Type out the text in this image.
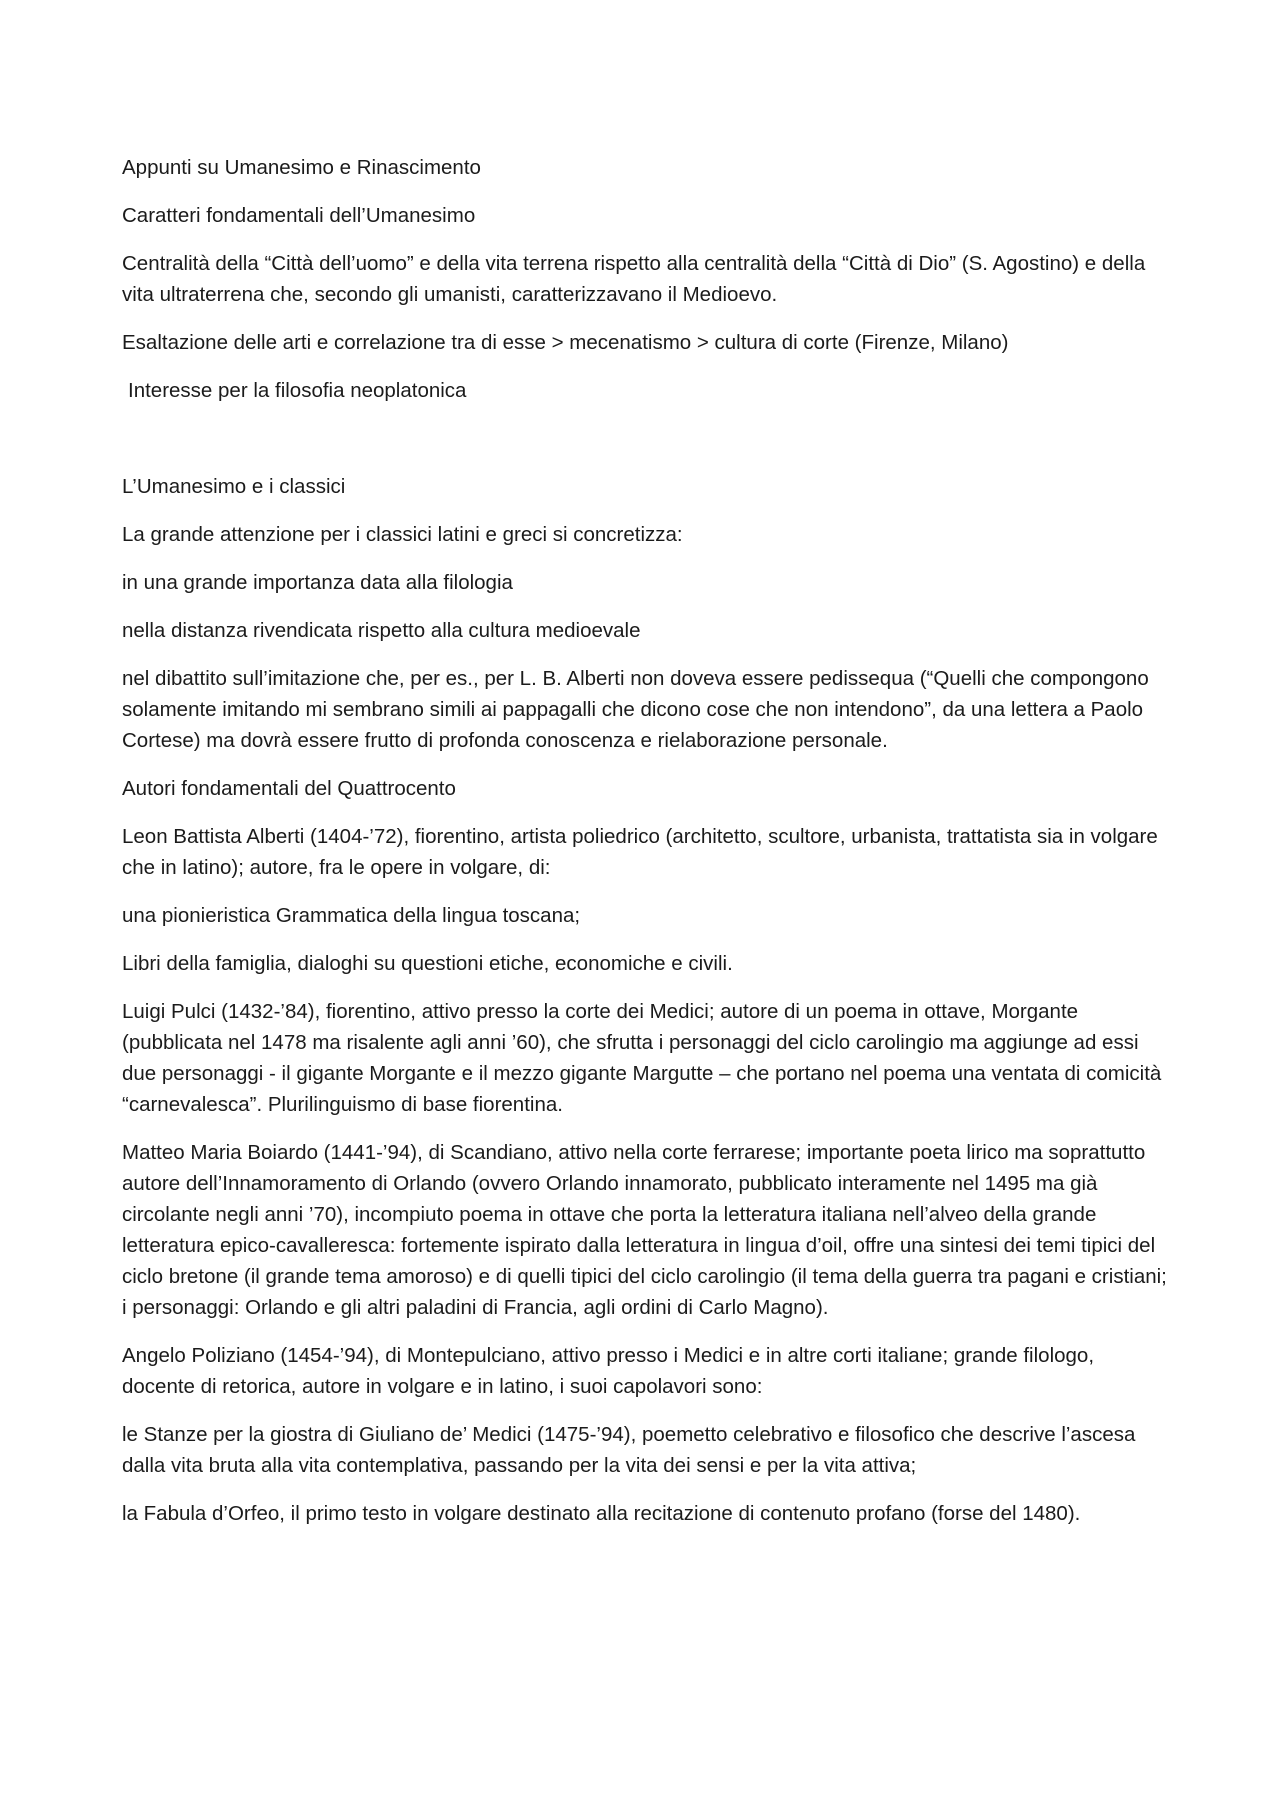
Appunti su Umanesimo e Rinascimento

Caratteri fondamentali dell’Umanesimo

Centralità della “Città dell’uomo” e della vita terrena rispetto alla centralità della “Città di Dio” (S. Agostino) e della vita ultraterrena che, secondo gli umanisti, caratterizzavano il Medioevo.

Esaltazione delle arti e correlazione tra di esse > mecenatismo > cultura di corte (Firenze, Milano)

Interesse per la filosofia neoplatonica

L’Umanesimo e i classici

La grande attenzione per i classici latini e greci si concretizza:

in una grande importanza data alla filologia

nella distanza rivendicata rispetto alla cultura medioevale

nel dibattito sull’imitazione che, per es., per L. B. Alberti non doveva essere pedissequa (“Quelli che compongono solamente imitando mi sembrano simili ai pappagalli che dicono cose che non intendono”, da una lettera a Paolo Cortese) ma dovrà essere frutto di profonda conoscenza e rielaborazione personale.

Autori fondamentali del Quattrocento

Leon Battista Alberti (1404-’72), fiorentino, artista poliedrico (architetto, scultore, urbanista, trattatista sia in volgare che in latino); autore, fra le opere in volgare, di:

una pionieristica Grammatica della lingua toscana;

Libri della famiglia, dialoghi su questioni etiche, economiche e civili.

Luigi Pulci (1432-’84), fiorentino, attivo presso la corte dei Medici; autore di un poema in ottave, Morgante (pubblicata nel 1478 ma risalente agli anni ’60), che sfrutta i personaggi del ciclo carolingio ma aggiunge ad essi due personaggi - il gigante Morgante e il mezzo gigante Margutte – che portano nel poema una ventata di comicità “carnevalesca”. Plurilinguismo di base fiorentina.

Matteo Maria Boiardo (1441-’94), di Scandiano, attivo nella corte ferrarese; importante poeta lirico ma soprattutto autore dell’Innamoramento di Orlando (ovvero Orlando innamorato, pubblicato interamente nel 1495 ma già circolante negli anni ’70), incompiuto poema in ottave che porta la letteratura italiana nell’alveo della grande letteratura epico-cavalleresca: fortemente ispirato dalla letteratura in lingua d’oil, offre una sintesi dei temi tipici del ciclo bretone (il grande tema amoroso) e di quelli tipici del ciclo carolingio (il tema della guerra tra pagani e cristiani; i personaggi: Orlando e gli altri paladini di Francia, agli ordini di Carlo Magno).

Angelo Poliziano (1454-’94), di Montepulciano, attivo presso i Medici e in altre corti italiane; grande filologo, docente di retorica, autore in volgare e in latino, i suoi capolavori sono:

le Stanze per la giostra di Giuliano de’ Medici (1475-’94), poemetto celebrativo e filosofico che descrive l’ascesa dalla vita bruta alla vita contemplativa, passando per la vita dei sensi e per la vita attiva;

la Fabula d’Orfeo, il primo testo in volgare destinato alla recitazione di contenuto profano (forse del 1480).
